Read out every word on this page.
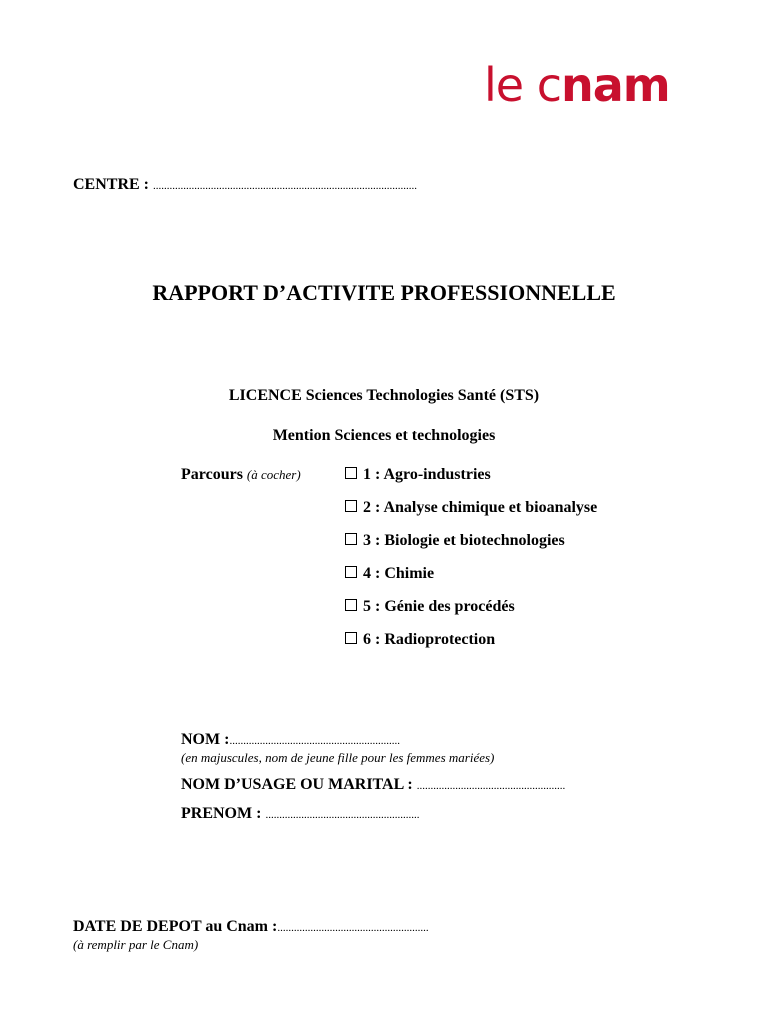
le cnam
CENTRE : ................................................................................................
RAPPORT D’ACTIVITE PROFESSIONNELLE
LICENCE Sciences Technologies Santé (STS)
Mention Sciences et technologies
Parcours (à cocher)	1 : Agro-industries
2 : Analyse chimique et bioanalyse
3 : Biologie et biotechnologies
4 : Chimie
5 : Génie des procédés
6 : Radioprotection
NOM :..............................................................
(en majuscules, nom de jeune fille pour les femmes mariées)
NOM D’USAGE OU MARITAL : ......................................................
PRENOM : ........................................................
DATE DE DEPOT au Cnam :.......................................................
(à remplir par le Cnam)
